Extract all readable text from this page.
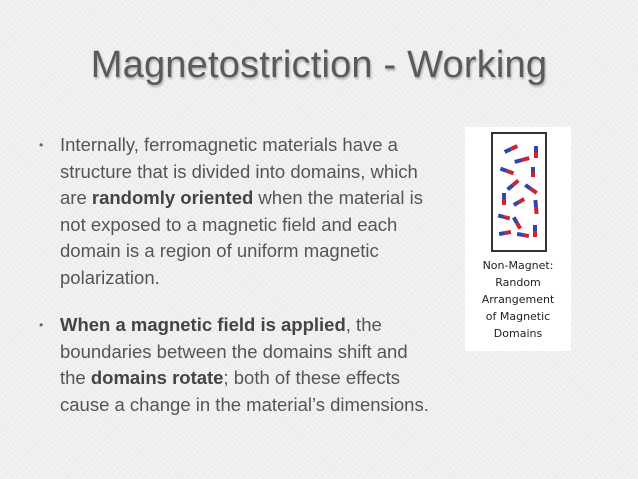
Magnetostriction - Working
• Internally, ferromagnetic materials have a structure that is divided into domains, which are randomly oriented when the material is not exposed to a magnetic field and each domain is a region of uniform magnetic polarization.
• When a magnetic field is applied, the boundaries between the domains shift and the domains rotate; both of these effects cause a change in the material’s dimensions.
Non-Magnet:
Random
Arrangement
of Magnetic
Domains
